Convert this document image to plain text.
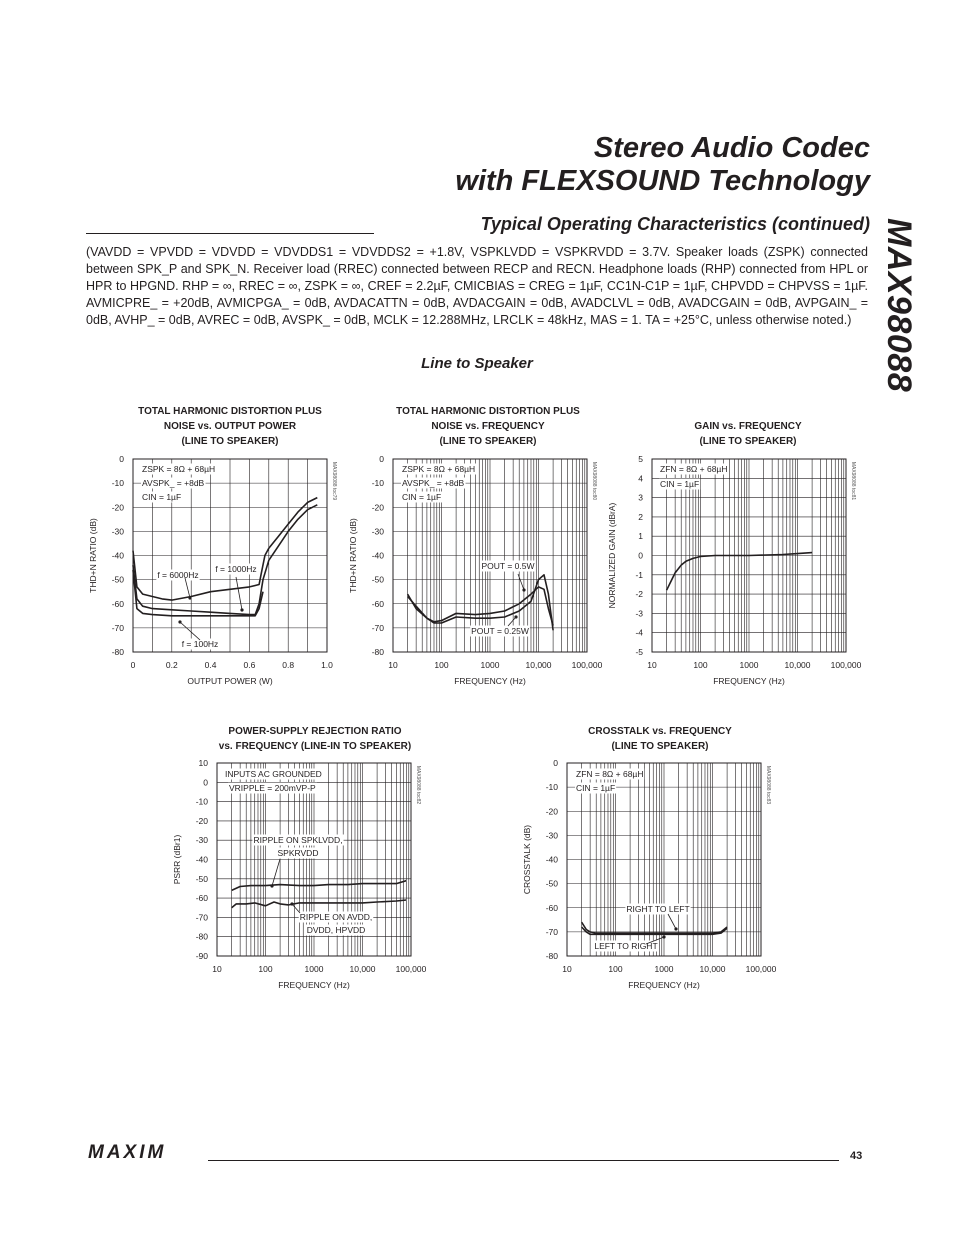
Stereo Audio Codec
with FLEXSOUND Technology
MAX98088
Typical Operating Characteristics (continued)
(VAVDD = VPVDD = VDVDD = VDVDDS1 = VDVDDS2 = +1.8V, VSPKLVDD = VSPKRVDD = 3.7V. Speaker loads (ZSPK) connected between SPK_P and SPK_N. Receiver load (RREC) connected between RECP and RECN. Headphone loads (RHP) connected from HPL or HPR to HPGND. RHP = ∞, RREC = ∞, ZSPK = ∞, CREF = 2.2µF, CMICBIAS = CREG = 1µF, CC1N-C1P = 1µF, CHPVDD = CHPVSS = 1µF. AVMICPRE_ = +20dB, AVMICPGA_ = 0dB, AVDACATTN = 0dB, AVDACGAIN = 0dB, AVADCLVL = 0dB, AVADCGAIN = 0dB, AVPGAIN_ = 0dB, AVHP_ = 0dB, AVREC = 0dB, AVSPK_ = 0dB, MCLK = 12.288MHz, LRCLK = 48kHz, MAS = 1. TA = +25°C, unless otherwise noted.)
Line to Speaker
TOTAL HARMONIC DISTORTION PLUS
NOISE vs. OUTPUT POWER
(LINE TO SPEAKER)
TOTAL HARMONIC DISTORTION PLUS
NOISE vs. FREQUENCY
(LINE TO SPEAKER)
GAIN vs. FREQUENCY
(LINE TO SPEAKER)
POWER-SUPPLY REJECTION RATIO
vs. FREQUENCY (LINE-IN TO SPEAKER)
CROSSTALK vs. FREQUENCY
(LINE TO SPEAKER)
ZSPK = 8Ω + 68µH
AVSPK_ = +8dB
CIN = 1µF
f = 6000Hz
f = 1000Hz
f = 100Hz
0
-10
-20
-30
-40
-50
-60
-70
-80
0	0.2	0.4	0.6	0.8	1.0
OUTPUT POWER (W)
THD+N RATIO (dB)
MAX98088 toc79	ZSPK = 8Ω + 68µH
AVSPK_ = +8dB
CIN = 1µF
POUT = 0.5W
POUT = 0.25W
0
-10
-20
-30
-40
-50
-60
-70
-80
10	100	1000	10,000 100,000
FREQUENCY (Hz)
THD+N RATIO (dB)
MAX98088 toc80	ZFN = 8Ω + 68µH
CIN = 1µF
5
4
3
2
1
0
-1
-2
-3
-4
-5
10	100	1000	10,000 100,000
FREQUENCY (Hz)
NORMALIZED GAIN (dBrA)
MAX98088 toc81
INPUTS AC GROUNDED
VRIPPLE = 200mVP-P
RIPPLE ON SPKLVDD,
SPKRVDD
RIPPLE ON AVDD,
DVDD, HPVDD
10
0
-10
-20
-30
-40
-50
-60
-70
-80
-90
10	100	1000	10,000 100,000
FREQUENCY (Hz)
PSRR (dBr1)
MAX98088 toc82	ZFN = 8Ω + 68µH
CIN = 1µF
RIGHT TO LEFT
LEFT TO RIGHT
0
-10
-20
-30
-40
-50
-60
-70
-80
10	100	1000	10,000 100,000
FREQUENCY (Hz)
CROSSTALK (dB)
MAX98088 toc83
MAXIM	43
